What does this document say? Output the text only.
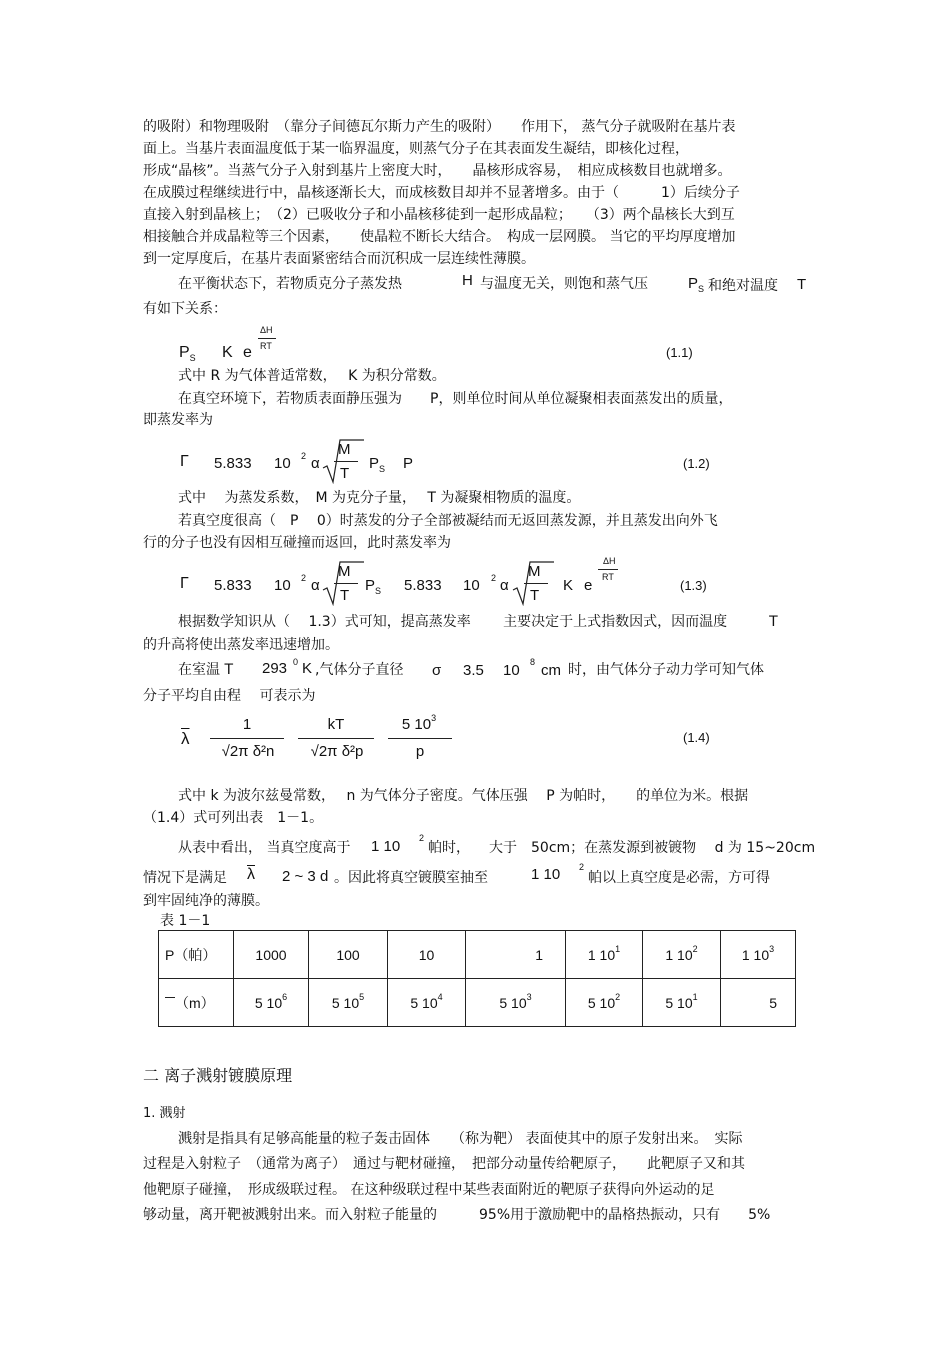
的吸附）和物理吸附　（靠分子间德瓦尔斯力产生的吸附）　　作用下， 蒸气分子就吸附在基片表
面上。当基片表面温度低于某一临界温度，则蒸气分子在其表面发生凝结，即核化过程，
形成“晶核”。当蒸气分子入射到基片上密度大时，　　晶核形成容易，　相应成核数目也就增多。
在成膜过程继续进行中，晶核逐渐长大，而成核数目却并不显著增多。由于（　　　1）后续分子
直接入射到晶核上；　（2）已吸收分子和小晶核移徒到一起形成晶粒；　　（3）两个晶核长大到互
相接触合并成晶粒等三个因素，　　使晶粒不断长大结合。　构成一层网膜。 当它的平均厚度增加
到一定厚度后，在基片表面紧密结合而沉积成一层连续性薄膜。
在平衡状态下，若物质克分子蒸发热	H 与温度无关，则饱和蒸气压	$P_S$ 和绝对温度 T
有如下关系：
ΔH
RT
$P_S$ K e	(1.1)
式中 R 为气体普适常数，　 K 为积分常数。
在真空环境下，若物质表面静压强为　　P，则单位时间从单位凝聚相表面蒸发出的质量，
即蒸发率为
Γ 5.833 10 2 α
M
T
$P_S$ P	(1.2)
式中　 为蒸发系数，　M 为克分子量，　 T 为凝聚相物质的温度。
若真空度很高（　P　 0）时蒸发的分子全部被凝结而无返回蒸发源，并且蒸发出向外飞
行的分子也没有因相互碰撞而返回，此时蒸发率为
Γ 5.833 10 2 α
M
T
$P_S$ 5.833 10 2 α
M
T
K e
ΔH
RT
(1.3)
根据数学知识从（　 1.3）式可知，提高蒸发率　　 主要决定于上式指数因式，因而温度　　　T
的升高将使出蒸发率迅速增加。
在室温 T 293 0 K ,气体分子直径 σ 3.5 10 8 cm 时，由气体分子动力学可知气体
分子平均自由程　 可表示为
$\overline{\lambda}$
1
√2π δ²n
kT
√2π δ²p
5 $10^3$
p
(1.4)
式中 k 为波尔兹曼常数，　 n 为气体分子密度。气体压强　 P 为帕时，　　的单位为米。根据
（1.4）式可列出表　1－1。
从表中看出， 当真空度高于 1 10 2
帕时， 大于　50cm；在蒸发源到被镀物　 d 为 15~20cm
情况下是满足 $\overline{\lambda}$ 2 ~ 3 d 。因此将真空镀膜室抽至	1 10 2
帕以上真空度是必需，方可得
到牢固纯净的薄膜。
表 1－1
P（帕）	1000	100	10	1	1 $10^1$	1 $10^2$	1 $10^3$
（m）	5 $10^6$	5 $10^5$	5 $10^4$	5 $10^3$	5 $10^2$	5 $10^1$	5
二 离子溅射镀膜原理
1. 溅射
溅射是指具有足够高能量的粒子轰击固体　　（称为靶） 表面使其中的原子发射出来。　实际
过程是入射粒子　（通常为离子）　通过与靶材碰撞，　把部分动量传给靶原子，　　此靶原子又和其
他靶原子碰撞，　形成级联过程。 在这种级联过程中某些表面附近的靶原子获得向外运动的足
够动量，离开靶被溅射出来。而入射粒子能量的　　　95%用于激励靶中的晶格热振动，只有　　5%
